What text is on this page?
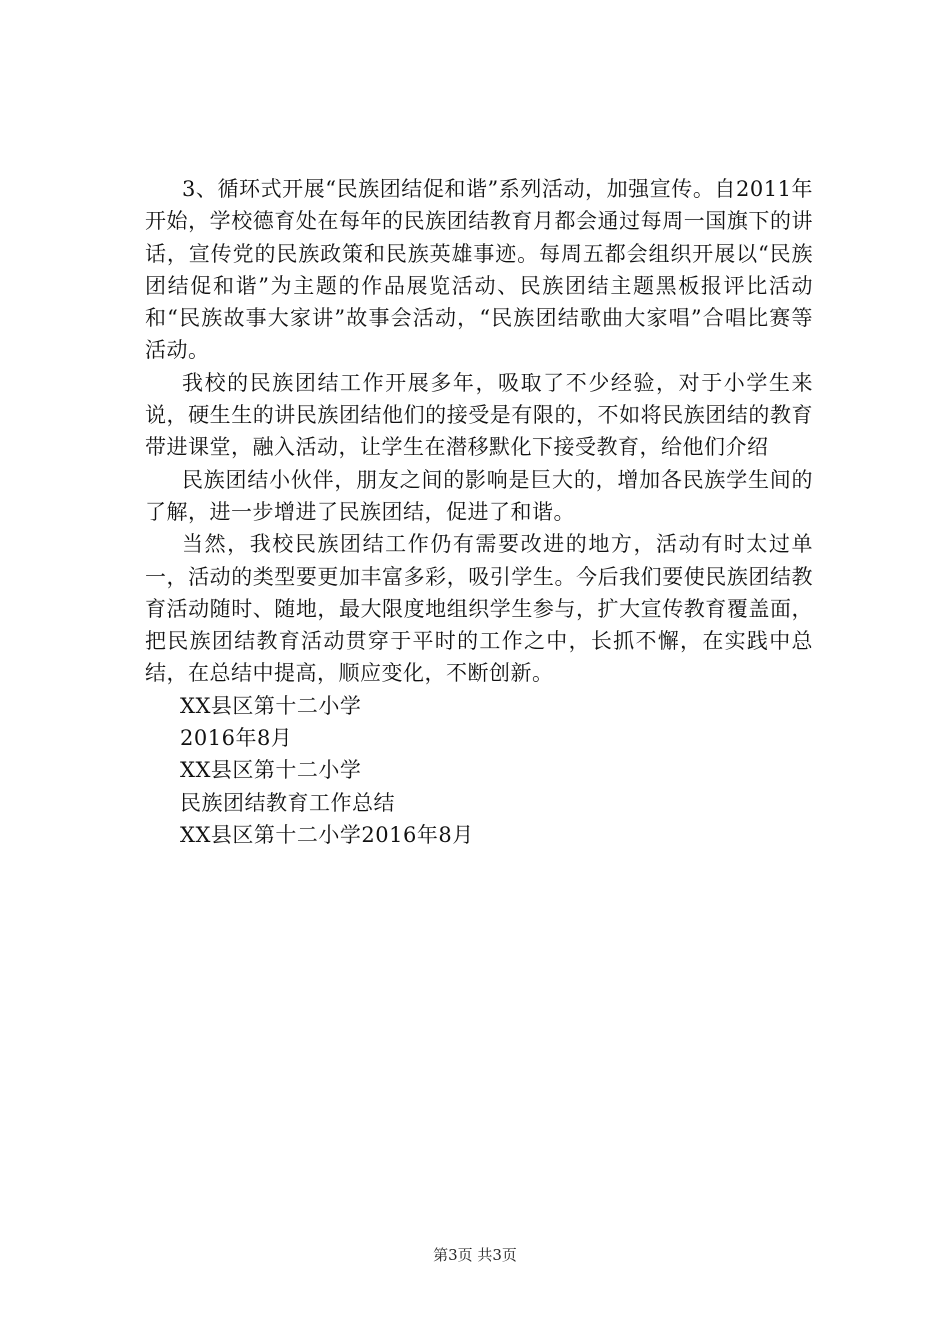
3、循环式开展“民族团结促和谐”系列活动，加强宣传。自2011年开始，学校德育处在每年的民族团结教育月都会通过每周一国旗下的讲话，宣传党的民族政策和民族英雄事迹。每周五都会组织开展以“民族团结促和谐”为主题的作品展览活动、民族团结主题黑板报评比活动和“民族故事大家讲”故事会活动，“民族团结歌曲大家唱”合唱比赛等活动。

我校的民族团结工作开展多年，吸取了不少经验，对于小学生来说，硬生生的讲民族团结他们的接受是有限的，不如将民族团结的教育带进课堂，融入活动，让学生在潜移默化下接受教育，给他们介绍

民族团结小伙伴，朋友之间的影响是巨大的，增加各民族学生间的了解，进一步增进了民族团结，促进了和谐。

当然，我校民族团结工作仍有需要改进的地方，活动有时太过单一，活动的类型要更加丰富多彩，吸引学生。今后我们要使民族团结教育活动随时、随地，最大限度地组织学生参与，扩大宣传教育覆盖面，把民族团结教育活动贯穿于平时的工作之中，长抓不懈，在实践中总结，在总结中提高，顺应变化，不断创新。

XX县区第十二小学

2016年8月

XX县区第十二小学

民族团结教育工作总结

XX县区第十二小学2016年8月

第3页 共3页
